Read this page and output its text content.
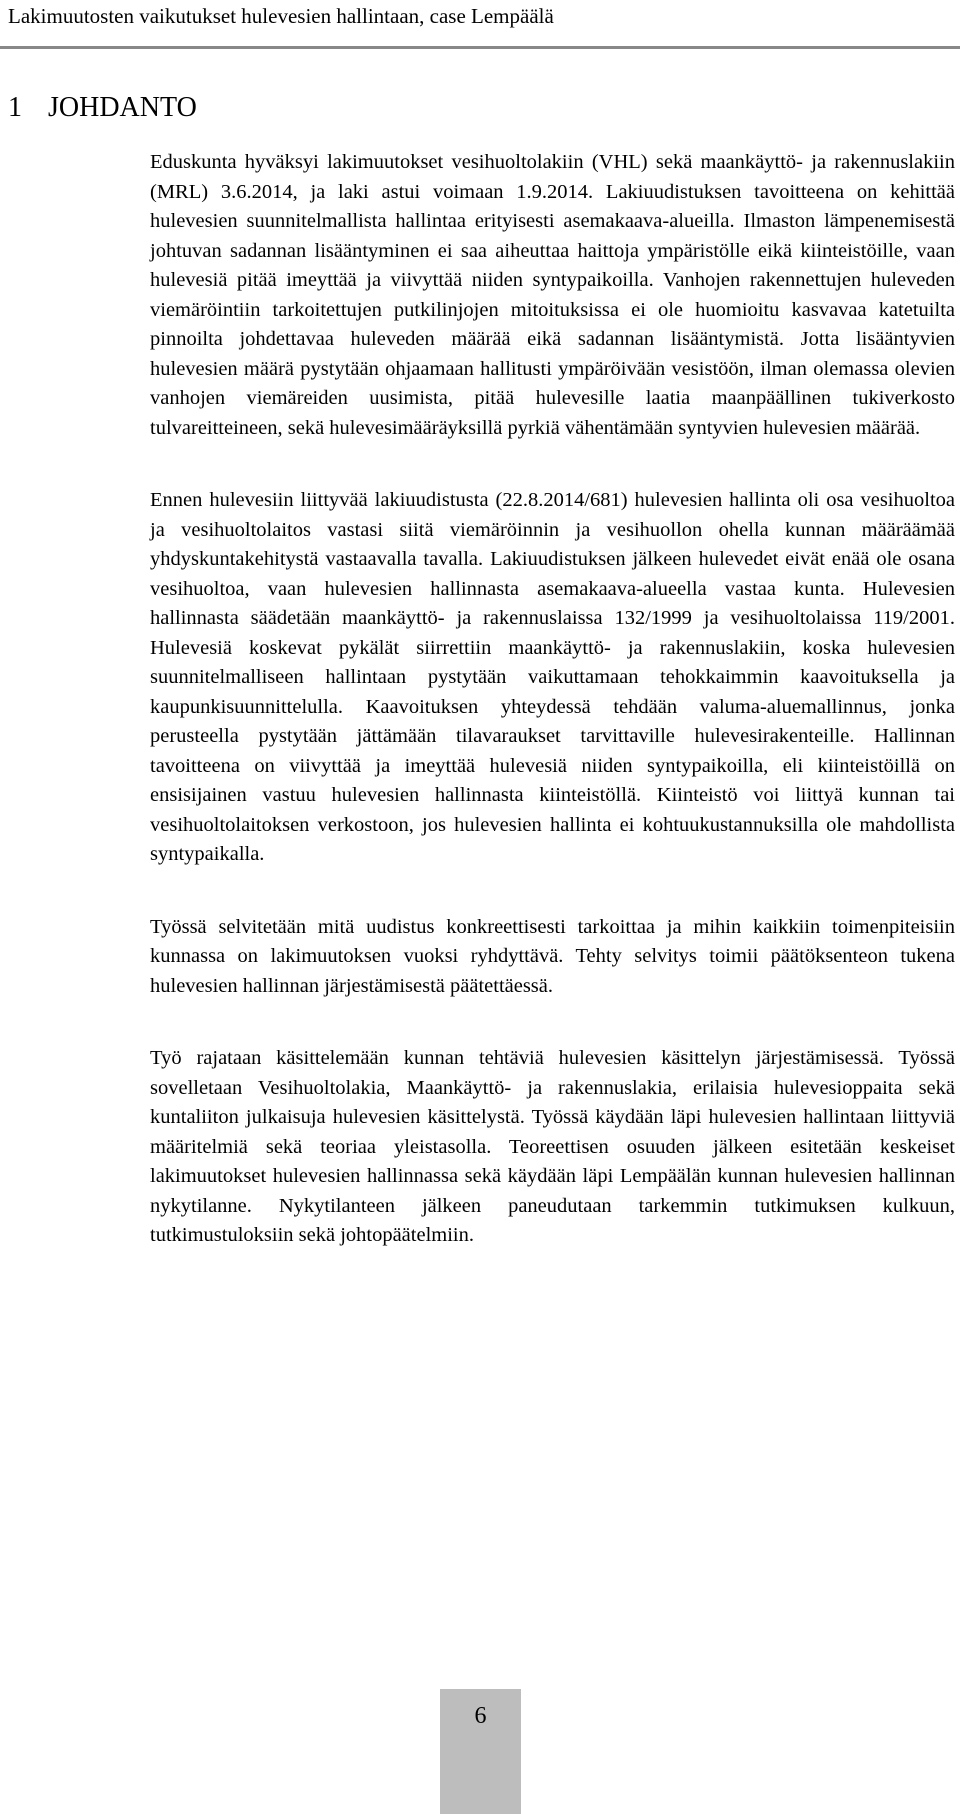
Lakimuutosten vaikutukset hulevesien hallintaan, case Lempäälä
1 JOHDANTO

Eduskunta hyväksyi lakimuutokset vesihuoltolakiin (VHL) sekä maankäyttö- ja rakennuslakiin (MRL) 3.6.2014, ja laki astui voimaan 1.9.2014. Lakiuudistuksen tavoitteena on kehittää hulevesien suunnitelmallista hallintaa erityisesti asemakaava-alueilla. Ilmaston lämpenemisestä johtuvan sadannan lisääntyminen ei saa aiheuttaa haittoja ympäristölle eikä kiinteistöille, vaan hulevesiä pitää imeyttää ja viivyttää niiden syntypaikoilla. Vanhojen rakennettujen huleveden viemäröintiin tarkoitettujen putkilinjojen mitoituksissa ei ole huomioitu kasvavaa katetuilta pinnoilta johdettavaa huleveden määrää eikä sadannan lisääntymistä. Jotta lisääntyvien hulevesien määrä pystytään ohjaamaan hallitusti ympäröivään vesistöön, ilman olemassa olevien vanhojen viemäreiden uusimista, pitää hulevesille laatia maanpäällinen tukiverkosto tulvareitteineen, sekä hulevesimääräyksillä pyrkiä vähentämään syntyvien hulevesien määrää.

Ennen hulevesiin liittyvää lakiuudistusta (22.8.2014/681) hulevesien hallinta oli osa vesihuoltoa ja vesihuoltolaitos vastasi siitä viemäröinnin ja vesihuollon ohella kunnan määräämää yhdyskuntakehitystä vastaavalla tavalla. Lakiuudistuksen jälkeen hulevedet eivät enää ole osana vesihuoltoa, vaan hulevesien hallinnasta asemakaava-alueella vastaa kunta. Hulevesien hallinnasta säädetään maankäyttö- ja rakennuslaissa 132/1999 ja vesihuoltolaissa 119/2001. Hulevesiä koskevat pykälät siirrettiin maankäyttö- ja rakennuslakiin, koska hulevesien suunnitelmalliseen hallintaan pystytään vaikuttamaan tehokkaimmin kaavoituksella ja kaupunkisuunnittelulla. Kaavoituksen yhteydessä tehdään valuma-aluemallinnus, jonka perusteella pystytään jättämään tilavaraukset tarvittaville hulevesirakenteille. Hallinnan tavoitteena on viivyttää ja imeyttää hulevesiä niiden syntypaikoilla, eli kiinteistöillä on ensisijainen vastuu hulevesien hallinnasta kiinteistöllä. Kiinteistö voi liittyä kunnan tai vesihuoltolaitoksen verkostoon, jos hulevesien hallinta ei kohtuukustannuksilla ole mahdollista syntypaikalla.

Työssä selvitetään mitä uudistus konkreettisesti tarkoittaa ja mihin kaikkiin toimenpiteisiin kunnassa on lakimuutoksen vuoksi ryhdyttävä. Tehty selvitys toimii päätöksenteon tukena hulevesien hallinnan järjestämisestä päätettäessä.

Työ rajataan käsittelemään kunnan tehtäviä hulevesien käsittelyn järjestämisessä. Työssä sovelletaan Vesihuoltolakia, Maankäyttö- ja rakennuslakia, erilaisia hulevesioppaita sekä kuntaliiton julkaisuja hulevesien käsittelystä. Työssä käydään läpi hulevesien hallintaan liittyviä määritelmiä sekä teoriaa yleistasolla. Teoreettisen osuuden jälkeen esitetään keskeiset lakimuutokset hulevesien hallinnassa sekä käydään läpi Lempäälän kunnan hulevesien hallinnan nykytilanne. Nykytilanteen jälkeen paneudutaan tarkemmin tutkimuksen kulkuun, tutkimustuloksiin sekä johtopäätelmiin.

6
